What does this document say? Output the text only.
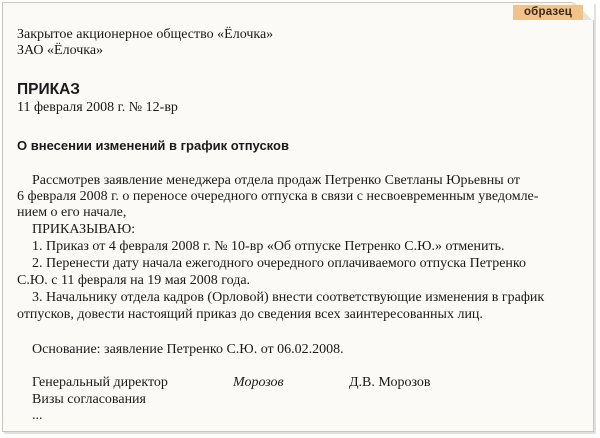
образец
Закрытое акционерное общество «Ёлочка»
ЗАО «Ёлочка»
ПРИКАЗ
11 февраля 2008 г. № 12-вр
О внесении изменений в график отпусков
Рассмотрев заявление менеджера отдела продаж Петренко Светланы Юрьевны от
6 февраля 2008 г. о переносе очередного отпуска в связи с несвоевременным уведомле-
нием о его начале,
ПРИКАЗЫВАЮ:
1. Приказ от 4 февраля 2008 г. № 10-вр «Об отпуске Петренко С.Ю.» отменить.
2. Перенести дату начала ежегодного очередного оплачиваемого отпуска Петренко
С.Ю. с 11 февраля на 19 мая 2008 года.
3. Начальнику отдела кадров (Орловой) внести соответствующие изменения в график
отпусков, довести настоящий приказ до сведения всех заинтересованных лиц.
Основание: заявление Петренко С.Ю. от 06.02.2008.
Генеральный директор	Морозов	Д.В. Морозов
Визы согласования
...
